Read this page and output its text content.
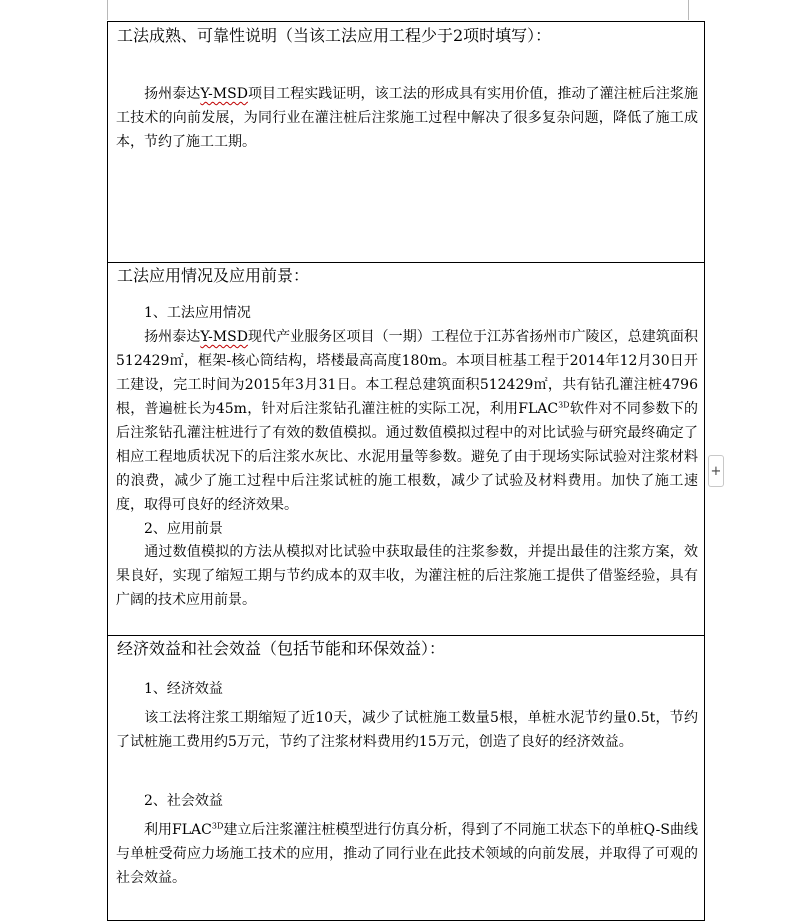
工法成熟、可靠性说明（当该工法应用工程少于2项时填写）：
扬州泰达Y-MSD项目工程实践证明，该工法的形成具有实用价值，推动了灌注桩后注浆施工技术的向前发展，为同行业在灌注桩后注浆施工过程中解决了很多复杂问题，降低了施工成本，节约了施工工期。
工法应用情况及应用前景：
1、工法应用情况
扬州泰达Y-MSD现代产业服务区项目（一期）工程位于江苏省扬州市广陵区，总建筑面积512429㎡，框架-核心筒结构，塔楼最高高度180m。本项目桩基工程于2014年12月30日开工建设，完工时间为2015年3月31日。本工程总建筑面积512429㎡，共有钻孔灌注桩4796根，普遍桩长为45m，针对后注浆钻孔灌注桩的实际工况，利用$FLAC^{3D}$软件对不同参数下的后注浆钻孔灌注桩进行了有效的数值模拟。通过数值模拟过程中的对比试验与研究最终确定了相应工程地质状况下的后注浆水灰比、水泥用量等参数。避免了由于现场实际试验对注浆材料的浪费，减少了施工过程中后注浆试桩的施工根数，减少了试验及材料费用。加快了施工速度，取得可良好的经济效果。
2、应用前景
通过数值模拟的方法从模拟对比试验中获取最佳的注浆参数，并提出最佳的注浆方案，效果良好，实现了缩短工期与节约成本的双丰收，为灌注桩的后注浆施工提供了借鉴经验，具有广阔的技术应用前景。
经济效益和社会效益（包括节能和环保效益）：
1、经济效益
该工法将注浆工期缩短了近10天，减少了试桩施工数量5根，单桩水泥节约量0.5t，节约了试桩施工费用约5万元，节约了注浆材料费用约15万元，创造了良好的经济效益。
2、社会效益
利用$FLAC^{3D}$建立后注浆灌注桩模型进行仿真分析，得到了不同施工状态下的单桩Q-S曲线与单桩受荷应力场施工技术的应用，推动了同行业在此技术领域的向前发展，并取得了可观的社会效益。
+
